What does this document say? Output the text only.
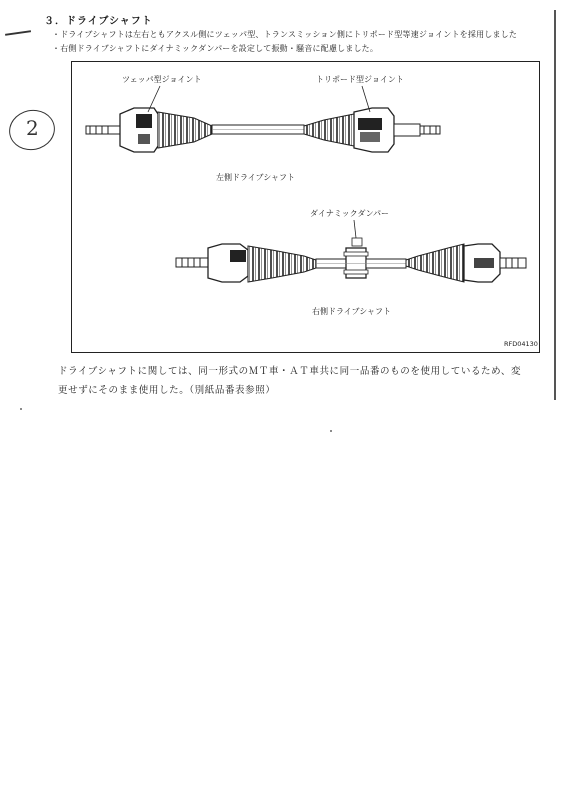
３．ドライブシャフト
・ドライブシャフトは左右ともアクスル側にツェッパ型、トランスミッション側にトリポード型等速ジョイントを採用しました
・右側ドライブシャフトにダイナミックダンパーを設定して振動・騒音に配慮しました。
2
ツェッパ型ジョイント	トリポード型ジョイント
左側ドライブシャフト
ダイナミックダンパー
右側ドライブシャフト
RFD04130
ドライブシャフトに関しては、同一形式のＭＴ車・ＡＴ車共に同一品番のものを使用しているため、変
更せずにそのまま使用した。（別紙品番表参照）
